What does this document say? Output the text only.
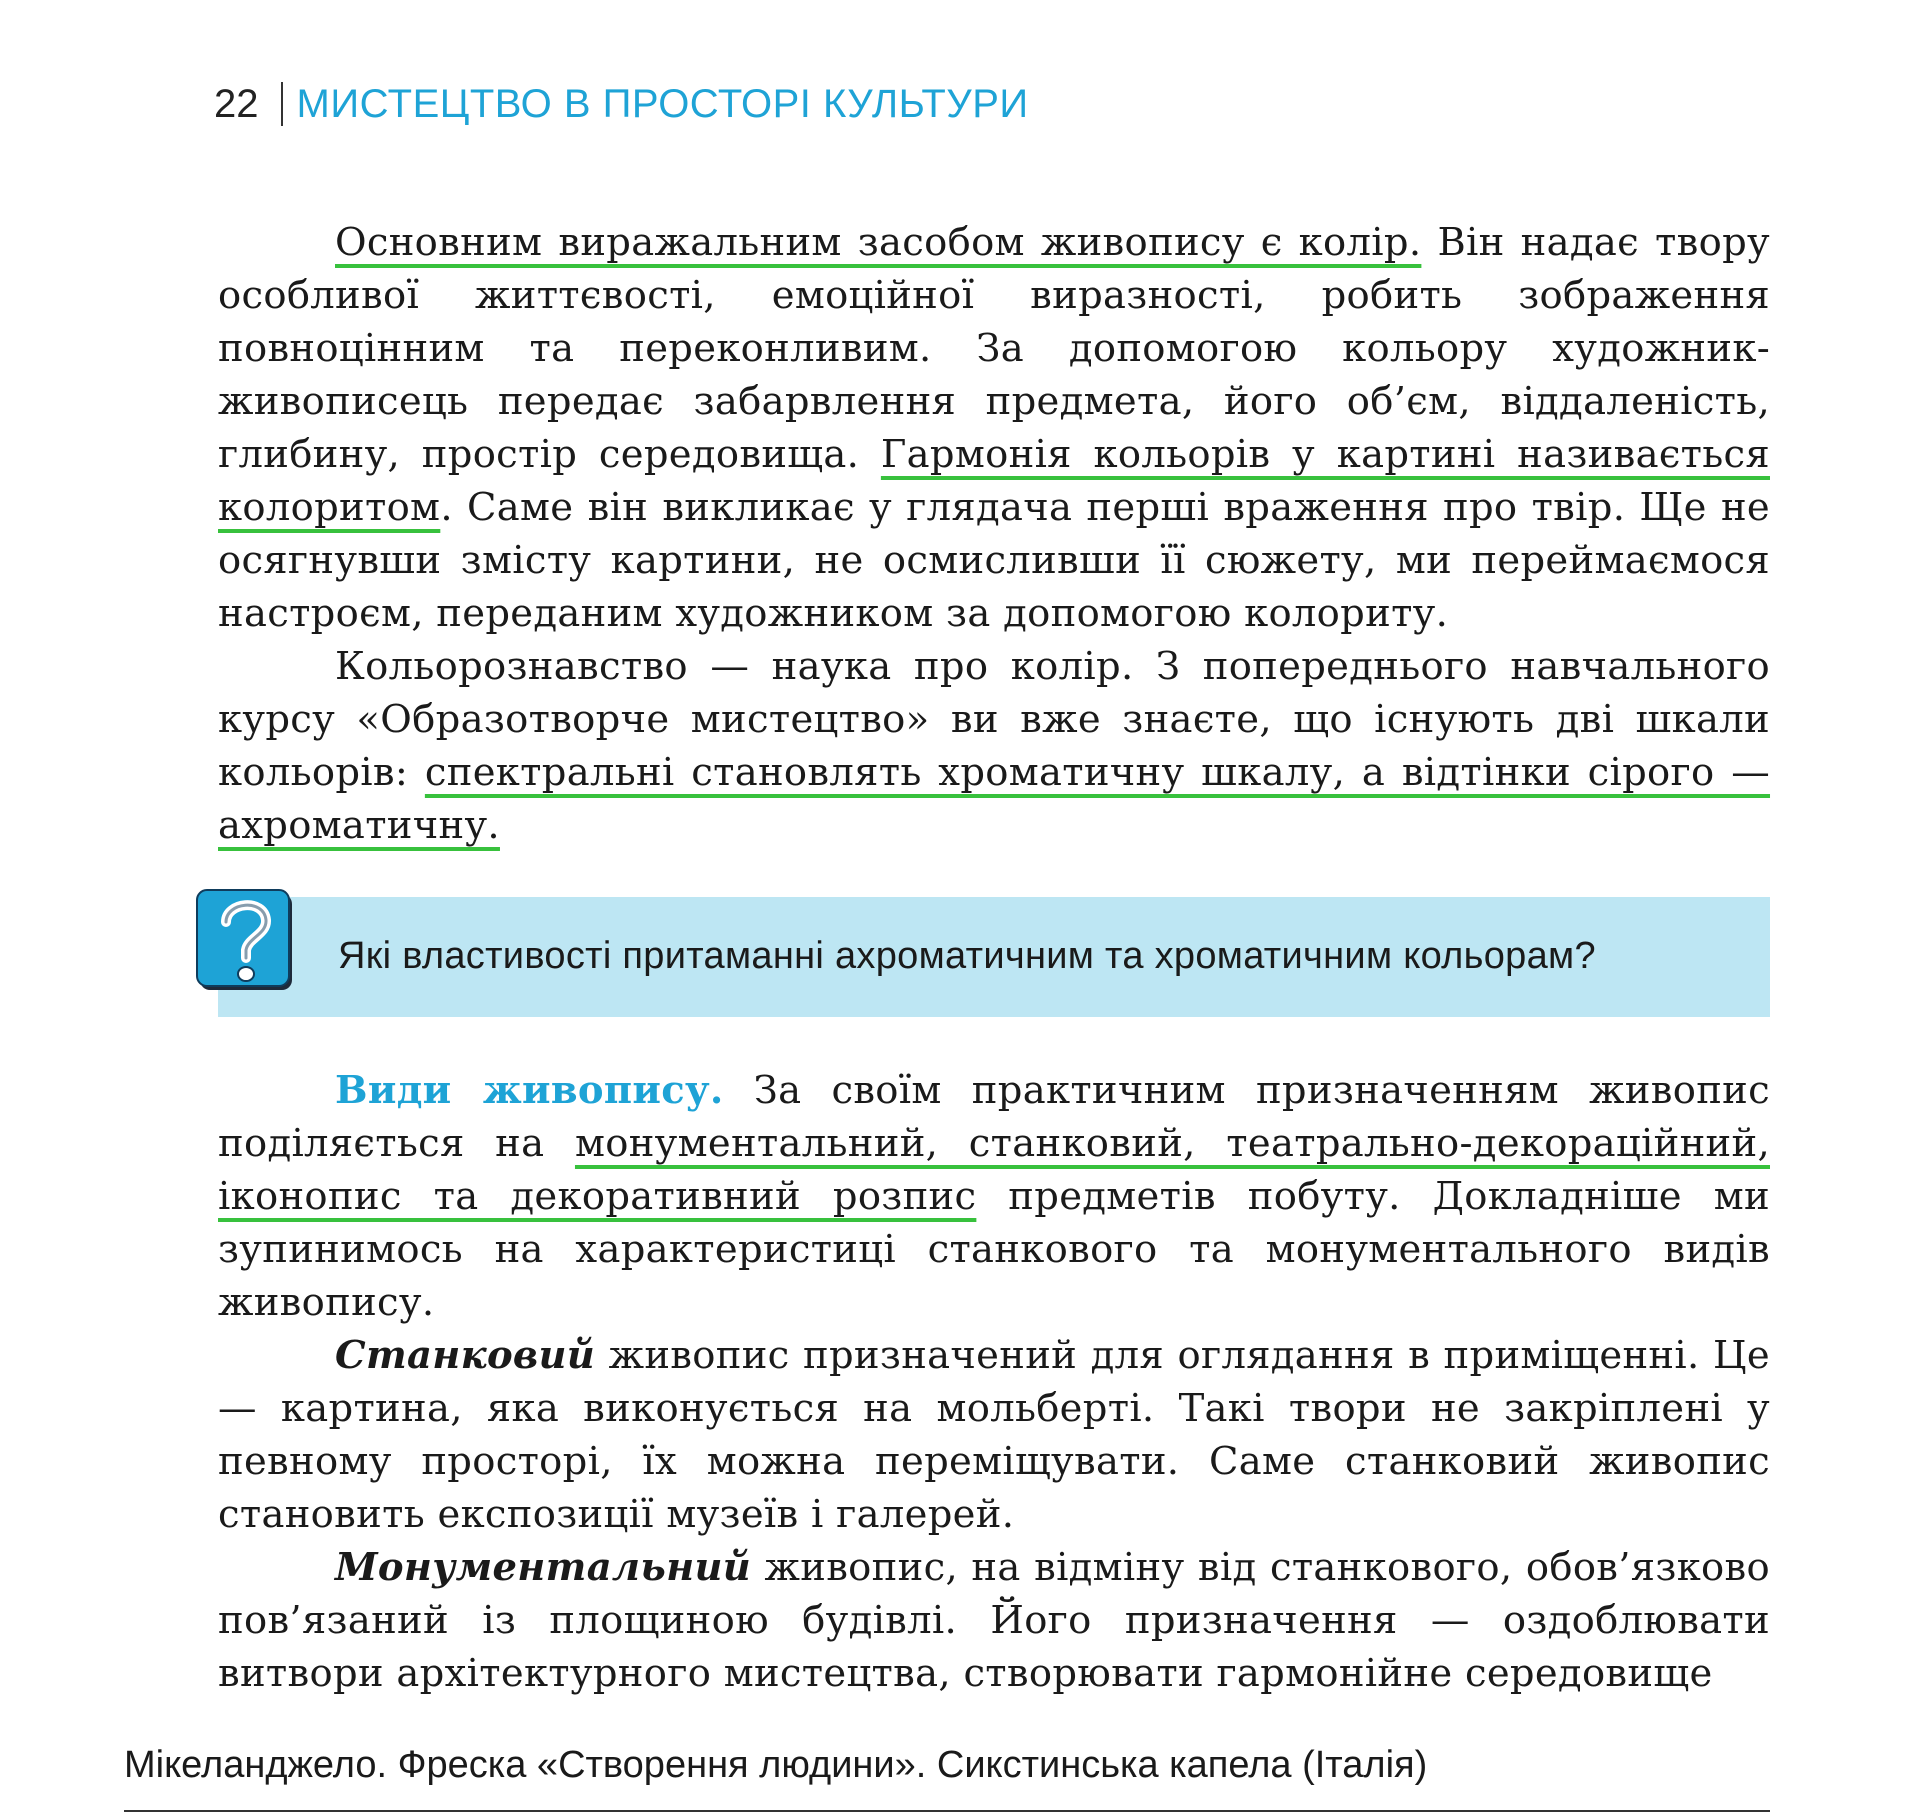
22 МИСТЕЦТВО В ПРОСТОРІ КУЛЬТУРИ

Основним виражальним засобом живопису є колір. Він надає твору особливої життєвості, емоційної виразності, робить зображення повноцінним та переконливим. За допомогою кольору художник-живописець передає забарвлення предмета, його об’єм, віддаленість, глибину, простір середовища. Гармонія кольорів у картині називається колоритом. Саме він викликає у глядача перші враження про твір. Ще не осягнувши змісту картини, не осмисливши її сюжету, ми переймаємося настроєм, переданим художником за допомогою колориту.

Кольорознавство — наука про колір. З попереднього навчального курсу «Образотворче мистецтво» ви вже знаєте, що існують дві шкали кольорів: спектральні становлять хроматичну шкалу, а відтінки сірого — ахроматичну.

Які властивості притаманні ахроматичним та хроматичним кольорам?

Види живопису. За своїм практичним призначенням живопис поділяється на монументальний, станковий, театрально-декораційний, іконопис та декоративний розпис предметів побуту. Докладніше ми зупинимось на характеристиці станкового та монументального видів живопису.

Станковий живопис призначений для оглядання в приміщенні. Це — картина, яка виконується на мольберті. Такі твори не закріплені у певному просторі, їх можна переміщувати. Саме станковий живопис становить експозиції музеїв і галерей.

Монументальний живопис, на відміну від станкового, обов’язково пов’язаний із площиною будівлі. Його призначення — оздоблювати витвори архітектурного мистецтва, створювати гармонійне середовище

Мікеланджело. Фреска «Створення людини». Сикстинська капела (Італія)
